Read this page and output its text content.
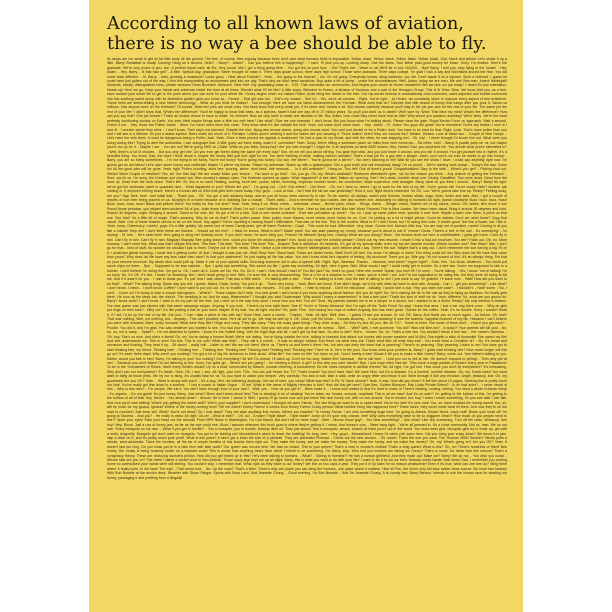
According to all known laws of aviation,
there is no way a bee should be able to fly.
Its wings are too small to get its fat little body off the ground. The bee, of course, flies anyway because bees don't care what humans think is impossible. Yellow, black. Yellow, black. Yellow, black. Yellow, black. Ooh, black and yellow! Let's shake it up a little. Barry! Breakfast is ready! Coming! Hang on a second. Hello? - Barry? - Adam? - Can you believe this is happening? - I can't. I'll pick you up. Looking sharp. Use the stairs. Your father paid good money for those. Sorry. I'm excited. Here's the graduate. We're very proud of you, son. A perfect report card, all B's. Very proud. Ma! I got a thing going here. - You got lint on your fuzz. - Ow! That's me! - Wave to us! We'll be in row 118,000. - Bye! Barry, I told you, stop flying in the house! - Hey, Adam. - Hey, Barry. - Is that fuzz gel? - A little. Special day, graduation. Never thought I'd make it. Three days grade school, three days high school. Those were awkward. Three days college. I'm glad I took a day and hitchhiked around the hive. You did come back different. - Hi, Barry. - Artie, growing a mustache? Looks good. - Hear about Frankie? - Yeah. - You going to the funeral? - No, I'm not going. Everybody knows, sting someone, you die. Don't waste it on a squirrel. Such a hothead. I guess he could have just gotten out of the way. I love this incorporating an amusement park into our day. That's why we don't need vacations. Boy, quite a bit of pomp... under the circumstances. Well, Adam, today we are men. We are! Bee-men. Amen! Hallelujah! Students, faculty, distinguished bees, please welcome Dean Buzzwell. Welcome, New Hive City graduating class of... 9:15. That concludes our ceremonies. And begins your career at Honex Industries! Will we pick our job today? I heard it's just orientation. Heads up! Here we go. Keep your hands and antennas inside the tram at all times. Wonder what it'll be like? A little scary. Welcome to Honex, a division of Honesco and a part of the Hexagon Group. This is it! Wow. Wow. We know that you, as a bee, have worked your whole life to get to the point where you can work for your whole life. Honey begins when our valiant Pollen Jocks bring the nectar to the hive. Our top-secret formula is automatically color-corrected, scent-adjusted and bubble-contoured into this soothing sweet syrup with its distinctive golden glow you know as... Honey! - That girl was hot. - She's my cousin! - She is? - Yes, we're all cousins. - Right. You're right. - At Honex, we constantly strive to improve every aspect of bee existence. These bees are stress-testing a new helmet technology. - What do you think he makes? - Not enough. Here we have our latest advancement, the Krelman. What does that do? Catches that little strand of honey that hangs after you pour it. Saves us millions. Can anyone work on the Krelman? Of course. Most bee jobs are small ones. But bees know that every small job, if it's done well, means a lot. But choose carefully because you'll stay in the job you pick for the rest of your life. The same job the rest of your life? I didn't know that. What's the difference? You'll be happy to know that bees, as a species, haven't had one day off in 27 million years. So you'll just work us to death? We'll sure try. Wow! That blew my mind! What's the difference? How can you say that? One job forever? That's an insane choice to have to make. I'm relieved. Now we only have to make one decision in life. But, Adam, how could they never have told us that? Why would you question anything? We're bees. We're the most perfectly functioning society on Earth. You ever think maybe things work a little too well here? Like what? Give me one example. I don't know. But you know what I'm talking about. Please clear the gate. Royal Nectar Force on approach. Wait a second. Check it out. - Hey, those are Pollen Jocks! - Wow. I've never seen them this close. They know what it's like outside the hive. Yeah, but some don't come back. - Hey, Jocks! - Hi, Jocks! You guys did great! You're monsters! You're sky freaks! I love it! I love it! - I wonder where they were. - I don't know. Their day's not planned. Outside the hive, flying who knows where, doing who knows what. You can't just decide to be a Pollen Jock. You have to be bred for that. Right. Look. That's more pollen than you and I will see in a lifetime. It's just a status symbol. Bees make too much of it. Perhaps. Unless you're wearing it and the ladies see you wearing it. Those ladies? Aren't they our cousins too? Distant. Distant. Look at these two. - Couple of Hive Harrys. - Let's have fun with them. It must be dangerous being a Pollen Jock. Yeah. Once a bear pinned me against a mushroom! He had a paw on my throat, and with the other, he was slapping me! - Oh, my! - I never thought I'd knock him out. What were you doing during this? Trying to alert the authorities. I can autograph that. A little gusty out there today, wasn't it, comrades? Yeah. Gusty. We're hitting a sunflower patch six miles from here tomorrow. - Six miles, huh? - Barry! A puddle jump for us, but maybe you're not up for it. - Maybe I am. - You are not! We're going 0900 at J-Gate. What do you think, buzzy-boy? Are you bee enough? I might be. It all depends on what 0900 means. Hey, Honex! Dad, you surprised me. You decide what you're interested in? - Well, there's a lot of choices. - But you only get one. Do you ever get bored doing the same job every day? Son, let me tell you about stirring. You grab that stick, and you just move it around, and you stir it around. You get yourself into a rhythm. It's a beautiful thing. You know, Dad, the more I think about it, maybe the honey field just isn't right for me. You were thinking of what, making balloon animals? That's a bad job for a guy with a stinger. Janet, your son's not sure he wants to go into honey! - Barry, you are so funny sometimes. - I'm not trying to be funny. You're not funny! You're going into honey. Our son, the stirrer! - You're gonna be a stirrer? - No one's listening to me! Wait till you see the sticks I have. I could say anything right now. I'm gonna get an ant tattoo! Let's open some honey and celebrate! Maybe I'll pierce my thorax. Shave my antennae. Shack up with a grasshopper. Get a gold tooth and call everybody dawg! I'm so proud. - We're starting work today! - Today's the day. Come on! All the good jobs will be gone. Yeah, right. Pollen counting, stunt bee, pouring, stirrer, front desk, hair removal... - Is it still available? - Hang on. Two left! One of them's yours! Congratulations! Step to the side. - What'd you get? - Picking crud out. Stellar! Wow! Couple of newbies? Yes, sir! Our first day! We are ready! Make your choice. - You want to go first? - No, you go. Oh, my. What's available? Restroom attendant's open, not for the reason you think. - Any chance of getting the Krelman? - Sure, you're on. I'm sorry, the Krelman just closed out. Wax monkey's always open. The Krelman opened up again. What happened? A bee died. Makes an opening. See? He's dead. Another dead one. Deady. Deadified. Two more dead. Dead from the neck up. Dead from the neck down. That's life! Oh, this is so hard! Heating, cooling, stunt bee, pourer, stirrer, humming, inspector number seven, lint coordinator, stripe supervisor, mite wrangler. Barry, what do you think I should... Barry? Barry! All right, we've got the sunflower patch in quadrant nine... What happened to you? Where are you? - I'm going out. - Out? Out where? - Out there. - Oh, no! I have to, before I go to work for the rest of my life. You're gonna die! You're crazy! Hello? Another call coming in. If anyone's feeling brave, there's a Korean deli on 83rd that gets their roses today. Hey, guys. - Look at that. - Isn't that the kid we saw yesterday? Hold it, son, flight deck's restricted. It's OK, Lou. We're gonna take him up. Really? Feeling lucky, are you? Sign here, here. Just initial that. - Thank you. - OK. You got a rain advisory today, and as you all know, bees cannot fly in rain. So be careful. As always, watch your brooms, hockey sticks, dogs, birds, bears and bats. Also, I got a couple of reports of root beer being poured on us. Murphy's in a home because of it, babbling like a cicada! - That's awful. - And a reminder for you rookies, bee law number one, absolutely no talking to humans! All right, launch positions! Buzz, buzz, buzz, buzz! Buzz, buzz, buzz, buzz! Black and yellow! Hello! You ready for this, hot shot? Yeah. Yeah, bring it on. Wind, check. - Antennae, check. - Nectar pack, check. - Wings, check. - Stinger, check. Scared out of my shorts, check. OK, ladies, let's move it out! Pound those petunias, you striped stem-suckers! All of you, drain those flowers! Wow! I'm out! I can't believe I'm out! So blue. I feel so fast and free! Box kite! Wow! Flowers! This is Blue Leader. We have roses visual. Bring it around 30 degrees and hold. Roses! 30 degrees, roger. Bringing it around. Stand to the side, kid. It's got a bit of a kick. That is one nectar collector! - Ever see pollination up close? - No, sir. I pick up some pollen here, sprinkle it over here. Maybe a dash over there, a pinch on that one. See that? It's a little bit of magic. That's amazing. Why do we do that? That's pollen power. More pollen, more flowers, more nectar, more honey for us. Cool. I'm picking up a lot of bright yellow. Could be daisies. Don't we need those? Copy that visual. Wait. One of these flowers seems to be on the move. Say again? You're reporting a moving flower? Affirmative. That was on the line. This is the coolest. What is it? I don't know, but I'm loving this color. It smells good. Not like a flower, but I like it. Yeah, fuzzy. Chemical-y. Careful, guys. It's a little grabby. My sweet lord of bees! Candy-brain, get off there! Problem! - Guys! - This could be bad. Affirmative. Very close. Gonna hurt. Mama's little boy. You are way out of position, rookie! Coming in at you like a missile! Help me! I don't think these are flowers. - Should we tell him? - I think he knows. What is this?! Match point! You can start packing up, honey, because you're about to eat it! Yowser! Gross. There's a bee in the car! - Do something! - I'm driving! - Hi, bee. - He's back here! He's going to sting me! Nobody move. If you don't move, he won't sting you. Freeze! He blinked! Spray him, Granny! What are you doing?! Wow... the tension level out here is unbelievable. I gotta get home. Can't fly in rain. Can't fly in rain. Can't fly in rain. Mayday! Mayday! Bee going down! Ken, could you close the window please? Ken, could you close the window please? Check out my new resume. I made it into a fold-out brochure. You see? Folds out. Oh, no. More humans. I don't need this. What was that? Maybe this time. This time. This time. This time! This time! This... Drapes! That is diabolical. It's fantastic. It's got all my special skills, even my top-ten favorite movies. What's number one? Star Wars? Nah, I don't go for that... kind of stuff. No wonder we shouldn't talk to them. They're out of their minds. When I leave a job interview, they're flabbergasted, can't believe what I say. There's the sun. Maybe that's a way out. I don't remember the sun having a big 75 on it. I predicted global warming. I could feel it getting hotter. At first I thought it was just me. Wait! Stop! Bee! Stand back. These are winter boots. Wait! Don't kill him! You know I'm allergic to them! This thing could kill me! Why does his life have less value than yours? Why does his life have any less value than mine? Is that your statement? I'm just saying all life has value. You don't know what he's capable of feeling. My brochure! There you go, little guy. I'm not scared of him. It's an allergic thing. Put that on your resume brochure. My whole face could puff up. Make it one of your special skills. Knocking someone out is also a special skill. Right. Bye, Vanessa. Thanks. - Vanessa, next week? Yogurt night? - Sure, Ken. You know, whatever. - You could put carob chips on there. - Bye. - Supposed to be less calories. - Bye. I gotta say something. She saved my life. I gotta say something. All right, here it goes. Nah. What would I say? I could really get in trouble. It's a bee law. You're not supposed to talk to a human. I can't believe I'm doing this. I've got to. Oh, I can't do it. Come on! No. Yes. No. Do it. I can't. How should I start it? You like jazz? No, that's no good. Here she comes! Speak, you fool! Hi! I'm sorry. - You're talking. - Yes, I know. You're talking! I'm so sorry. No, it's OK. It's fine. I know I'm dreaming. But I don't recall going to bed. Well, I'm sure this is very disconcerting. This is a bit of a surprise to me. I mean, you're a bee! I am. And I'm not supposed to be doing this, but they were all trying to kill me. And if it wasn't for you... I had to thank you. It's just how I was raised. That was a little weird. - I'm talking with a bee. - Yeah. I'm talking to a bee. And the bee is talking to me! I just want to say I'm grateful. I'll leave now. - Wait! How did you learn to do that? - What? The talking thing. Same way you did, I guess. Mama, Dada, honey. You pick it up. - That's very funny. - Yeah. Bees are funny. If we didn't laugh, we'd cry with what we have to deal with. Anyway... Can I... get you something? - Like what? I don't know. I mean... I don't know. Coffee? I don't want to put you out. It's no trouble. It takes two minutes. - It's just coffee. - I hate to impose. - Don't be ridiculous! - Actually, I would love a cup. Hey, you want rum cake? - I shouldn't. - Have some. - No, I can't. - Come on! I'm trying to lose a couple micrograms. - Where? - These stripes don't help. You look great! I don't know if you know anything about fashion. Are you all right? No. He's making the tie in the cab as they're flying up Madison. He finally gets there. He runs up the steps into the church. The wedding is on. And he says, Watermelon? I thought you said Guatemalan. Why would I marry a watermelon? Is that a bee joke? That's the kind of stuff we do. Yeah, different. So, what are you gonna do, Barry? About work? I don't know. I want to do my part for the hive, but I can't do it the way they want. I know how you feel. You do? Sure. My parents wanted me to be a lawyer or a doctor, but I wanted to be a florist. Really? My only interest is flowers. Our new queen was just elected with that same campaign slogan. Anyway, if you look... There's my hive right there. See it? You're in Sheep Meadow! Yes! I'm right off the Turtle Pond! No way! I know that area. I lost a toe ring there once. - Why do girls put rings on their toes? - Why not? It's like putting a hat on your knee. Maybe I'll try that. You all right, ma'am? Oh, yeah. Fine. Just having two cups of coffee! Anyway, this has been great. Thanks for the coffee. Yeah, it's no trouble. Sorry I couldn't finish it. If I did, I'd be up the rest of my life. Are you...? Can I take a piece of this with me? Sure! Here, have a crumb. - Thanks! - Yeah. All right. Well, then... I guess I'll see you around. Or not. OK, Barry. And thank you so much again... for before. Oh, that? That was nothing. Well, not nothing, but... Anyway... This can't possibly work. He's all set to go. We may as well try it. OK, Dave, pull the chute. - Sounds amazing. - It was amazing! It was the scariest, happiest moment of my life. Humans! I can't believe you were with humans! Giant, scary humans! What were they like? Huge and crazy. They talk crazy. They eat crazy giant things. They drive crazy. - Do they try and kill you, like on TV? - Some of them. But some of them don't. - How'd you get back? - Poodle. You did it, and I'm glad. You saw whatever you wanted to see. You had your experience. Now you can pick out your job and be normal. - Well... - Well? Well, I met someone. You did? Was she Bee-ish? - A wasp?! Your parents will kill you! - No, no, no, not a wasp. - Spider? - I'm not attracted to spiders. I know it's the hottest thing, with the eight legs and all. I can't get by that face. So who is she? She's... human. No, no. That's a bee law. You wouldn't break a bee law. - Her name's Vanessa. - Oh, boy. She's so nice. And she's a florist! Oh, no! You're dating a human florist! We're not dating. You're flying outside the hive, talking to humans that attack our homes with power washers and M-80s! One-eighth a stick of dynamite! She saved my life! And she understands me. This is over! Eat this. This is not over! What was that? - They call it a crumb. - It was so stingin' stripey! And that's not what they eat. That's what falls off what they eat! - You know what a Cinnabon is? - No. It's bread and cinnamon and frosting. They heat it up... Sit down! ...really hot! - Listen to me! We are not them! We're us. There's us and there's them! Yes, but who can deny the heart that is yearning? There's no yearning. Stop yearning. Listen to me! You have got to start thinking bee, my friend. Thinking bee! - Thinking bee. - Thinking bee. Thinking bee! Thinking bee! Thinking bee! Thinking bee! There he is. He's in the pool. You know what your problem is, Barry? I gotta start thinking bee? How much longer will this go on? It's been three days! Why aren't you working? I've got a lot of big life decisions to think about. What life? You have no life! You have no job. You're barely a bee! Would it kill you to make a little honey? Barry, come out. Your father's talking to you. Martin, would you talk to him? Barry, I'm talking to you! You coming? Got everything? All set! Go ahead. I'll catch up. Don't be too long. Watch this! Vanessa! - We're still here. - I told you not to yell at him. He doesn't respond to yelling! - Then why yell at me? - Because you don't listen! I'm not listening to this. Sorry, I've gotta go. - Where are you going? - I'm meeting a friend. A girl? Is this why you can't decide? Bye. I just hope she's Bee-ish. They have a huge parade of flowers every year in Pasadena? To be in the Tournament of Roses, that's every florist's dream! Up on a float, surrounded by flowers, crowds cheering. A tournament. Do the roses compete in athletic events? No. All right, I've got one. How come you don't fly everywhere? It's exhausting. Why don't you run everywhere? It's faster. Yeah, OK, I see, I see. All right, your turn. TiVo. You can just freeze live TV? That's insane! You don't have that? We have Hivo, but it's a disease. It's a horrible, horrible disease. Oh, my. Dumb bees! You must want to sting all those jerks. We try not to sting. It's usually fatal for us. So you have to watch your temper. Very carefully. You kick a wall, take a walk, write an angry letter and throw it out. Work through it like any emotion: Anger, jealousy, lust. Oh, my goodness! Are you OK? Yeah. - What is wrong with you?! - It's a bug. He's not bothering anybody. Get out of here, you creep! What was that? A Pic 'N' Save circular? Yeah, it was. How did you know? It felt like about 10 pages. Seventy-five is pretty much our limit. You've really got that down to a science. - I lost a cousin to Italian Vogue. - I'll bet. What in the name of Mighty Hercules is this? How did this get here? Cute Bee, Golden Blossom, Ray Liotta Private Select? - Is he that actor? - I never heard of him. - Why is this here? - For people. We eat it. You don't have enough food of your own? - Well, yes. - How do you get it? - Bees make it. - I know who makes it! And it's hard to make it! There's heating, cooling, stirring. You need a whole Krelman thing! - It's organic. - It's our-ganic! It's just honey, Barry. Just what?! Bees don't know about this! This is stealing! A lot of stealing! You've taken our homes, schools, hospitals! This is all we have! And it's on sale?! I'm getting to the bottom of this. I'm getting to the bottom of all of this! Hey, Hector. - You almost done? - Almost. He is here. I sense it. Well, I guess I'll go home now and just leave this nice honey out, with no one around. You're busted, box boy! I knew I heard something. So you can talk! I can talk. And now you'll start talking! Where you getting the sweet stuff? Who's your supplier? I don't understand. I thought we were friends. The last thing we want to do is upset bees! You're too late! It's ours now! You, sir, have crossed the wrong sword! You, sir, will be lunch for my iguana, Ignacio! Where is the honey coming from? Tell me where! Honey Farms! It comes from Honey Farms! Crazy person! What horrible thing has happened here? These faces, they never knew what hit them. And now they're on the road to nowhere! Just keep still. What? You're not dead? Do I look dead? They will wipe anything that moves. Where you headed? To Honey Farms. I am onto something huge here. I'm going to Alaska. Moose blood, crazy stuff. Blows your head off! I'm going to Tacoma. - And you? - He really is dead. All right. Uh-oh! - What is that?! - Oh, no! - A wiper! Triple blade! - Triple blade? Jump on! It's your only chance, bee! Why does everything have to be so doggone clean?! How much do you people need to see?! Open your eyes! Stick your head out the window! From NPR News in Washington, I'm Carl Kasell. But don't kill no more bugs! - Bee! - Moose blood guy!! - You hear something? - Like what? Like tiny screaming. Turn off the radio. Whassup, bee boy? Hey, Blood. Just a row of honey jars, as far as the eye could see. Wow! I assume wherever this truck goes is where they're getting it. I mean, that honey's ours. - Bees hang tight. - We're all jammed in. It's a close community. Not us, man. We on our own. Every mosquito on his own. - What if you get in trouble? - You a mosquito, you in trouble. Nobody likes us. They just smack. See a mosquito, smack, smack! At least you're out in the world. You must meet girls. Mosquito girls try to trade up, get with a moth, dragonfly. Mosquito girl don't want no mosquito. You got to be kidding me! Mooseblood's about to leave the building! So long, bee! - Hey, guys! - Mooseblood! I knew I'd catch y'all down here. Did you bring your crazy straw? We throw it in jars, slap a label on it, and it's pretty much pure profit. What is this place? A bee's got a brain the size of a pinhead. They are pinheads! Pinhead. - Check out the new smoker. - Oh, sweet. That's the one you want. The Thomas 3000! Smoker? Ninety puffs a minute, semi-automatic. Twice the nicotine, all the tar. A couple breaths of this knocks them right out. They make the honey, and we make the money. They make the honey, and we make the money? Oh, my! What's going on? Are you OK? Yeah. It doesn't last too long. Do you know you're in a fake hive with fake walls? Our queen was moved here. We had no choice. This is your queen? That's a man in women's clothes! That's a drag queen! What is this? Oh, no! There's hundreds of them! Bee honey. Our honey is being brazenly stolen on a massive scale! This is worse than anything bears have done! I intend to do something. Oh, Barry, stop. Who told you humans are taking our honey? That's a rumor. Do these look like rumors? That's a conspiracy theory. These are obviously doctored photos. How did you get mixed up in this? He's been talking to humans. - What? - Talking to humans?! He has a human girlfriend. And they make out! Make out? Barry! We do not. - You wish you could. - Whose side are you on? The bees! I dated a cricket once in San Antonio. Those crazy legs kept me up all night. Barry, this is what you want to do with your life? I want to do it for all our lives. Nobody works harder than bees! Dad, I remember you coming home so overworked your hands were still stirring. You couldn't stop. I remember that. What right do they have to our honey? We live on two cups a year. They put it in lip balm for no reason whatsoever! Even if it's true, what can one bee do? Sting them where it really hurts. In the face! The eye! - That would hurt. - No. Up the nose? That's a killer. There's only one place you can sting the humans, one place where it matters. Hive at Five, the hive's only full-hour action news source. No more bee beards! With Bob Bumble at the anchor desk. Weather with Storm Stinger. Sports with Buzz Larvi. And Jeanette Chung. - Good evening. I'm Bob Bumble. - And I'm Jeanette Chung. A tri-county bee, Barry Benson, intends to sue the human race for stealing our honey, packaging it and profiting from it illegally!
